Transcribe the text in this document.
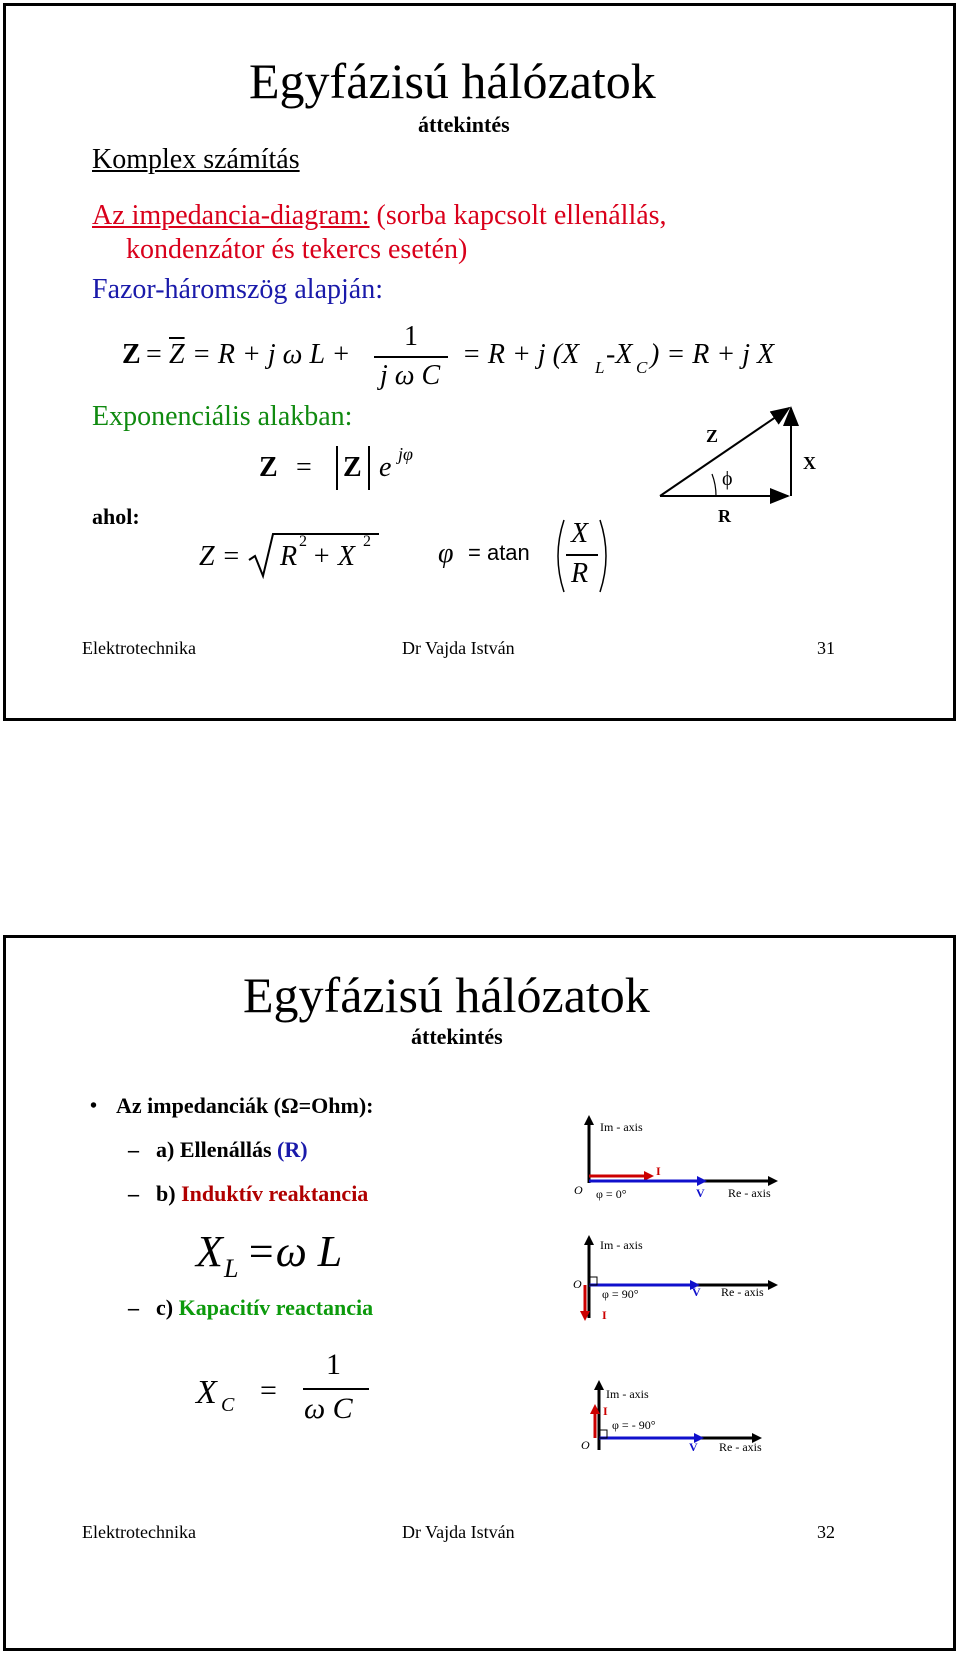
Egyfázisú hálózatok
áttekintés
Komplex számítás
Az impedancia-diagram: (sorba kapcsolt ellenállás,
kondenzátor és tekercs esetén)
Fazor-háromszög alapján:
$Z = \overline{Z} = R + j$ ω L +
1
j ω C
= R + j (X L -X C ) = R + j X
Exponenciális alakban:
Z = Z e jφ
ahol:
Z = R 2 + X 2 φ = atan
X
R
Z
X
R
ϕ
Elektrotechnika	Dr Vajda István	31
Egyfázisú hálózatok
áttekintés
• Az impedanciák (Ω=Ohm):
– a) Ellenállás (R)
– b) Induktív reaktancia
X L =ω L
– c) Kapacitív reactancia
X C =
1
ω C
Im - axis
Re - axis
O φ = 0°
I
V
Im - axis
Re - axis
O
φ = 90°
I
V
Im - axis
Re - axis
O
φ = - 90°
I
V
Elektrotechnika	Dr Vajda István	32
